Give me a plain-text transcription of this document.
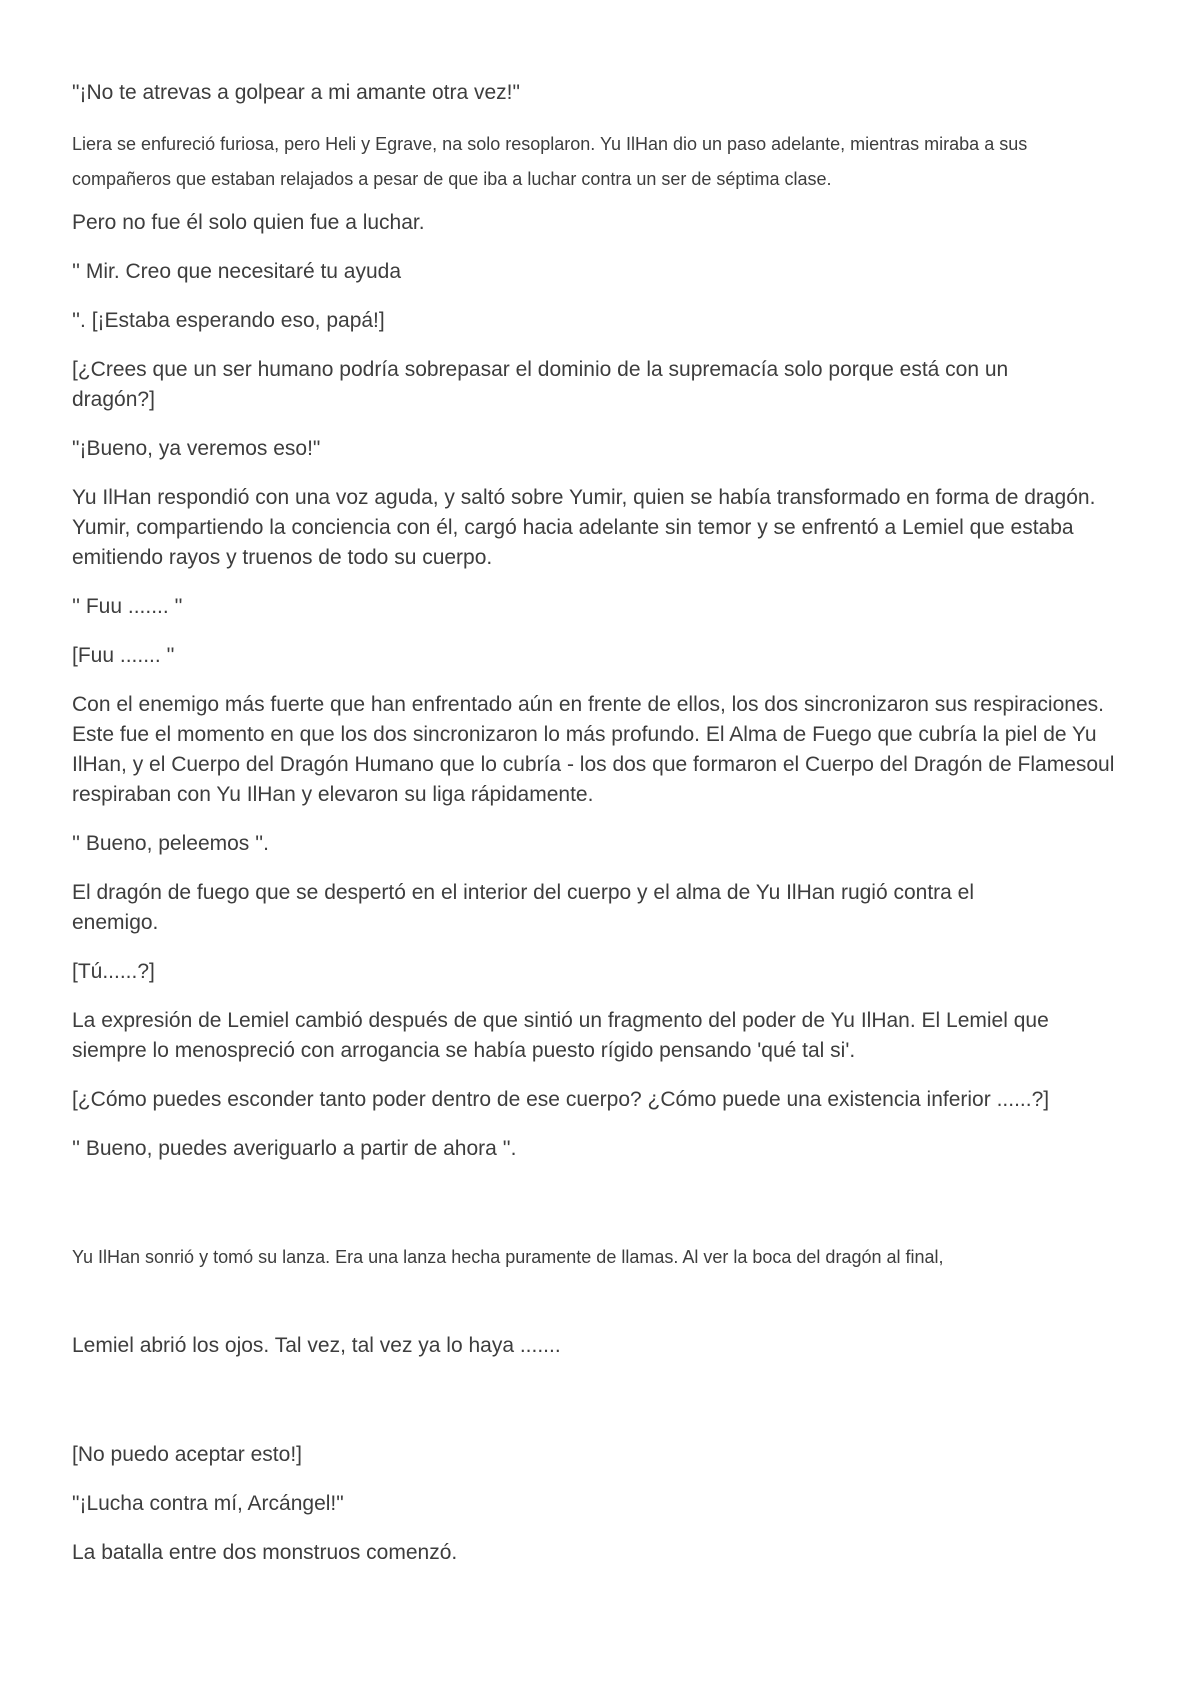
"¡No te atrevas a golpear a mi amante otra vez!"

Liera se enfureció furiosa, pero Heli y Egrave, na solo resoplaron. Yu IlHan dio un paso adelante, mientras miraba a sus compañeros que estaban relajados a pesar de que iba a luchar contra un ser de séptima clase.

Pero no fue él solo quien fue a luchar.

'' Mir. Creo que necesitaré tu ayuda

''. [¡Estaba esperando eso, papá!]

[¿Crees que un ser humano podría sobrepasar el dominio de la supremacía solo porque está con un dragón?]

"¡Bueno, ya veremos eso!"

Yu IlHan respondió con una voz aguda, y saltó sobre Yumir, quien se había transformado en forma de dragón. Yumir, compartiendo la conciencia con él, cargó hacia adelante sin temor y se enfrentó a Lemiel que estaba emitiendo rayos y truenos de todo su cuerpo.

'' Fuu ....... ''

[Fuu ....... ''

Con el enemigo más fuerte que han enfrentado aún en frente de ellos, los dos sincronizaron sus respiraciones. Este fue el momento en que los dos sincronizaron lo más profundo. El Alma de Fuego que cubría la piel de Yu IlHan, y el Cuerpo del Dragón Humano que lo cubría - los dos que formaron el Cuerpo del Dragón de Flamesoul respiraban con Yu IlHan y elevaron su liga rápidamente.

'' Bueno, peleemos ''.

El dragón de fuego que se despertó en el interior del cuerpo y el alma de Yu IlHan rugió contra el enemigo.

[Tú......?]

La expresión de Lemiel cambió después de que sintió un fragmento del poder de Yu IlHan. El Lemiel que siempre lo menospreció con arrogancia se había puesto rígido pensando 'qué tal si'.

[¿Cómo puedes esconder tanto poder dentro de ese cuerpo? ¿Cómo puede una existencia inferior ......?]

'' Bueno, puedes averiguarlo a partir de ahora ''.

Yu IlHan sonrió y tomó su lanza. Era una lanza hecha puramente de llamas. Al ver la boca del dragón al final,

Lemiel abrió los ojos. Tal vez, tal vez ya lo haya .......

[No puedo aceptar esto!]

"¡Lucha contra mí, Arcángel!"

La batalla entre dos monstruos comenzó.
